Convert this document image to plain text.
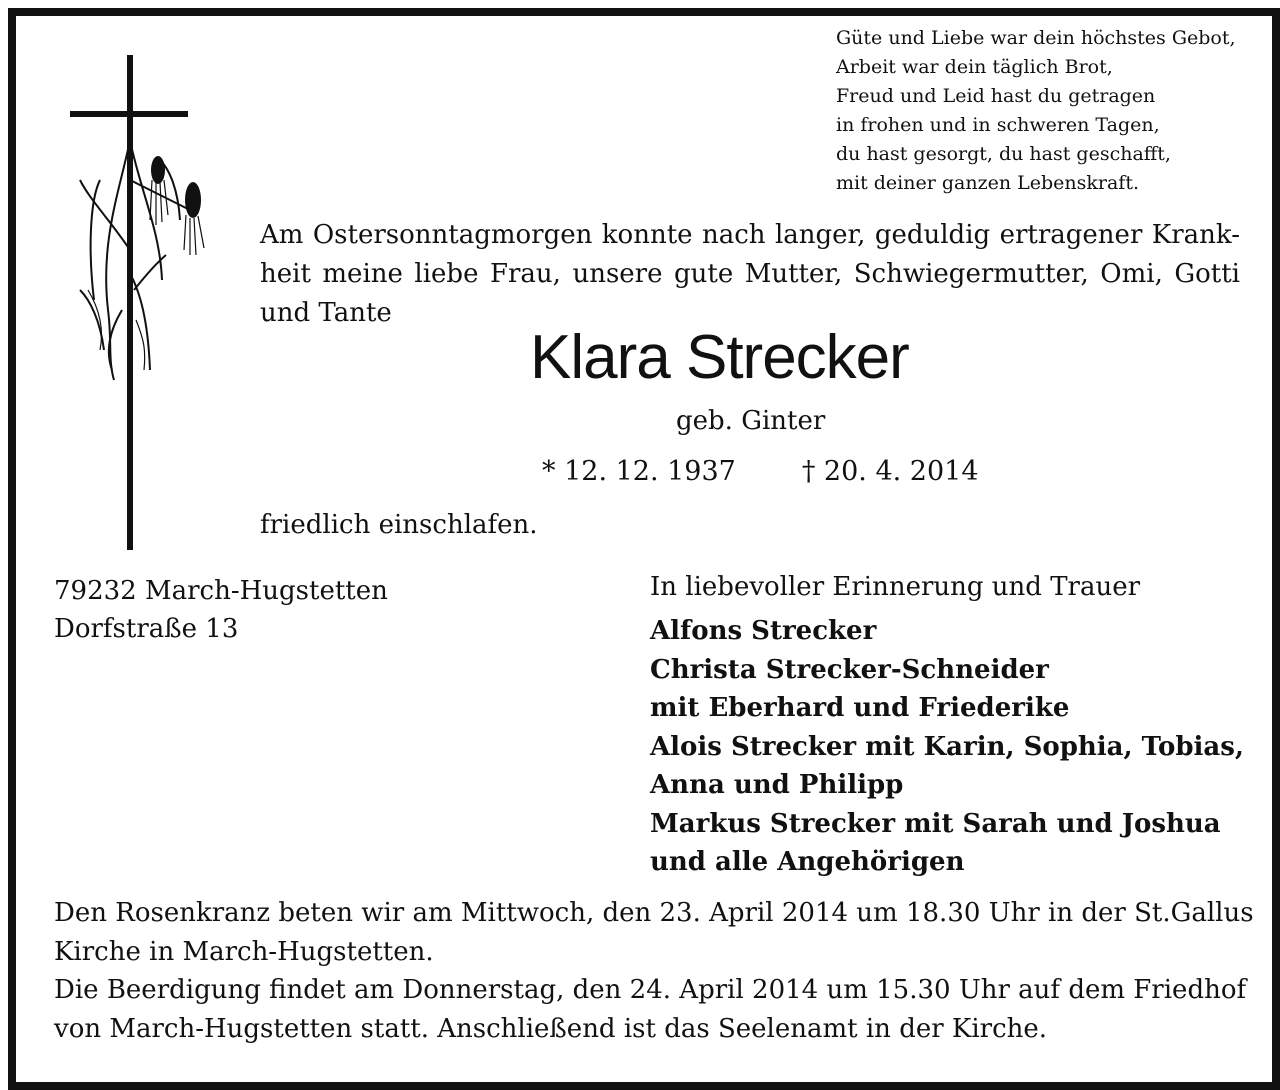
Güte und Liebe war dein höchstes Gebot,
Arbeit war dein täglich Brot,
Freud und Leid hast du getragen
in frohen und in schweren Tagen,
du hast gesorgt, du hast geschafft,
mit deiner ganzen Lebenskraft.
Am Ostersonntagmorgen konnte nach langer, geduldig ertragener Krank-
heit meine liebe Frau, unsere gute Mutter, Schwiegermutter, Omi, Gotti
und Tante
Klara Strecker
geb. Ginter
* 12. 12. 1937 † 20. 4. 2014
friedlich einschlafen.
79232 March-Hugstetten
Dorfstraße 13
In liebevoller Erinnerung und Trauer
Alfons Strecker
Christa Strecker-Schneider
mit Eberhard und Friederike
Alois Strecker mit Karin, Sophia, Tobias,
Anna und Philipp
Markus Strecker mit Sarah und Joshua
und alle Angehörigen
Den Rosenkranz beten wir am Mittwoch, den 23. April 2014 um 18.30 Uhr in der St.Gallus
Kirche in March-Hugstetten.
Die Beerdigung findet am Donnerstag, den 24. April 2014 um 15.30 Uhr auf dem Friedhof
von March-Hugstetten statt. Anschließend ist das Seelenamt in der Kirche.
